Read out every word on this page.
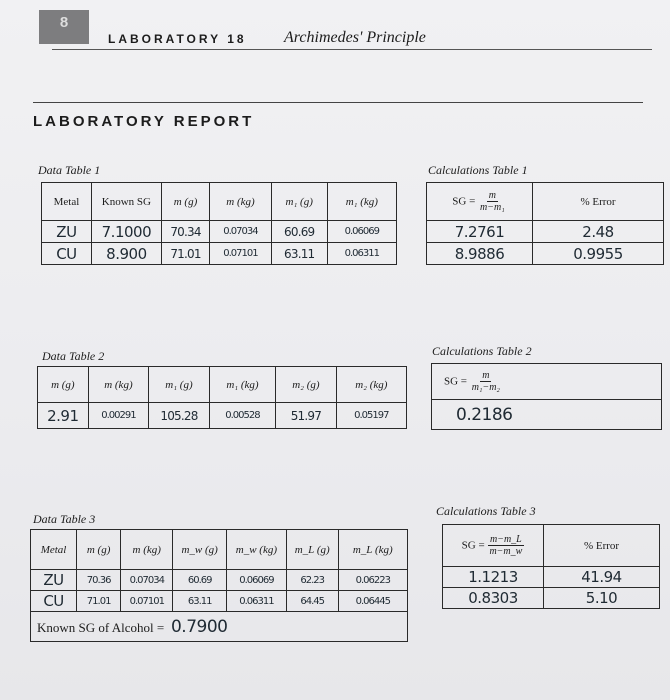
8
LABORATORY 18 Archimedes' Principle
LABORATORY REPORT
Data Table 1
Metal	Known SG	m (g)	m (kg)	m₁ (g)	m₁ (kg)
ZU	7.1000	70.34	0.07034	60.69	0.06069
CU	8.900	71.01	0.07101	63.11	0.06311
Calculations Table 1
SG = $\frac{m}{\text{m−m₁}}$	% Error
7.2761	2.48
8.9886	0.9955
Data Table 2
m (g)	m (kg)	m₁ (g)	m₁ (kg)	m₂ (g)	m₂ (kg)
2.91	0.00291	105.28	0.00528	51.97	0.05197
Calculations Table 2
SG = $\frac{m}{\text{m₁−m₂}}$

0.2186
Data Table 3
Metal	m (g)	m (kg)	m_w (g)	m_w (kg)	m_L (g)	m_L (kg)
ZU	70.36	0.07034	60.69	0.06069	62.23	0.06223
CU	71.01	0.07101	63.11	0.06311	64.45	0.06445
Known SG of Alcohol = 0.7900						
Calculations Table 3
SG = $\frac{m-m\_L}{m-m\_w}$	% Error
1.1213	41.94
0.8303	5.10
